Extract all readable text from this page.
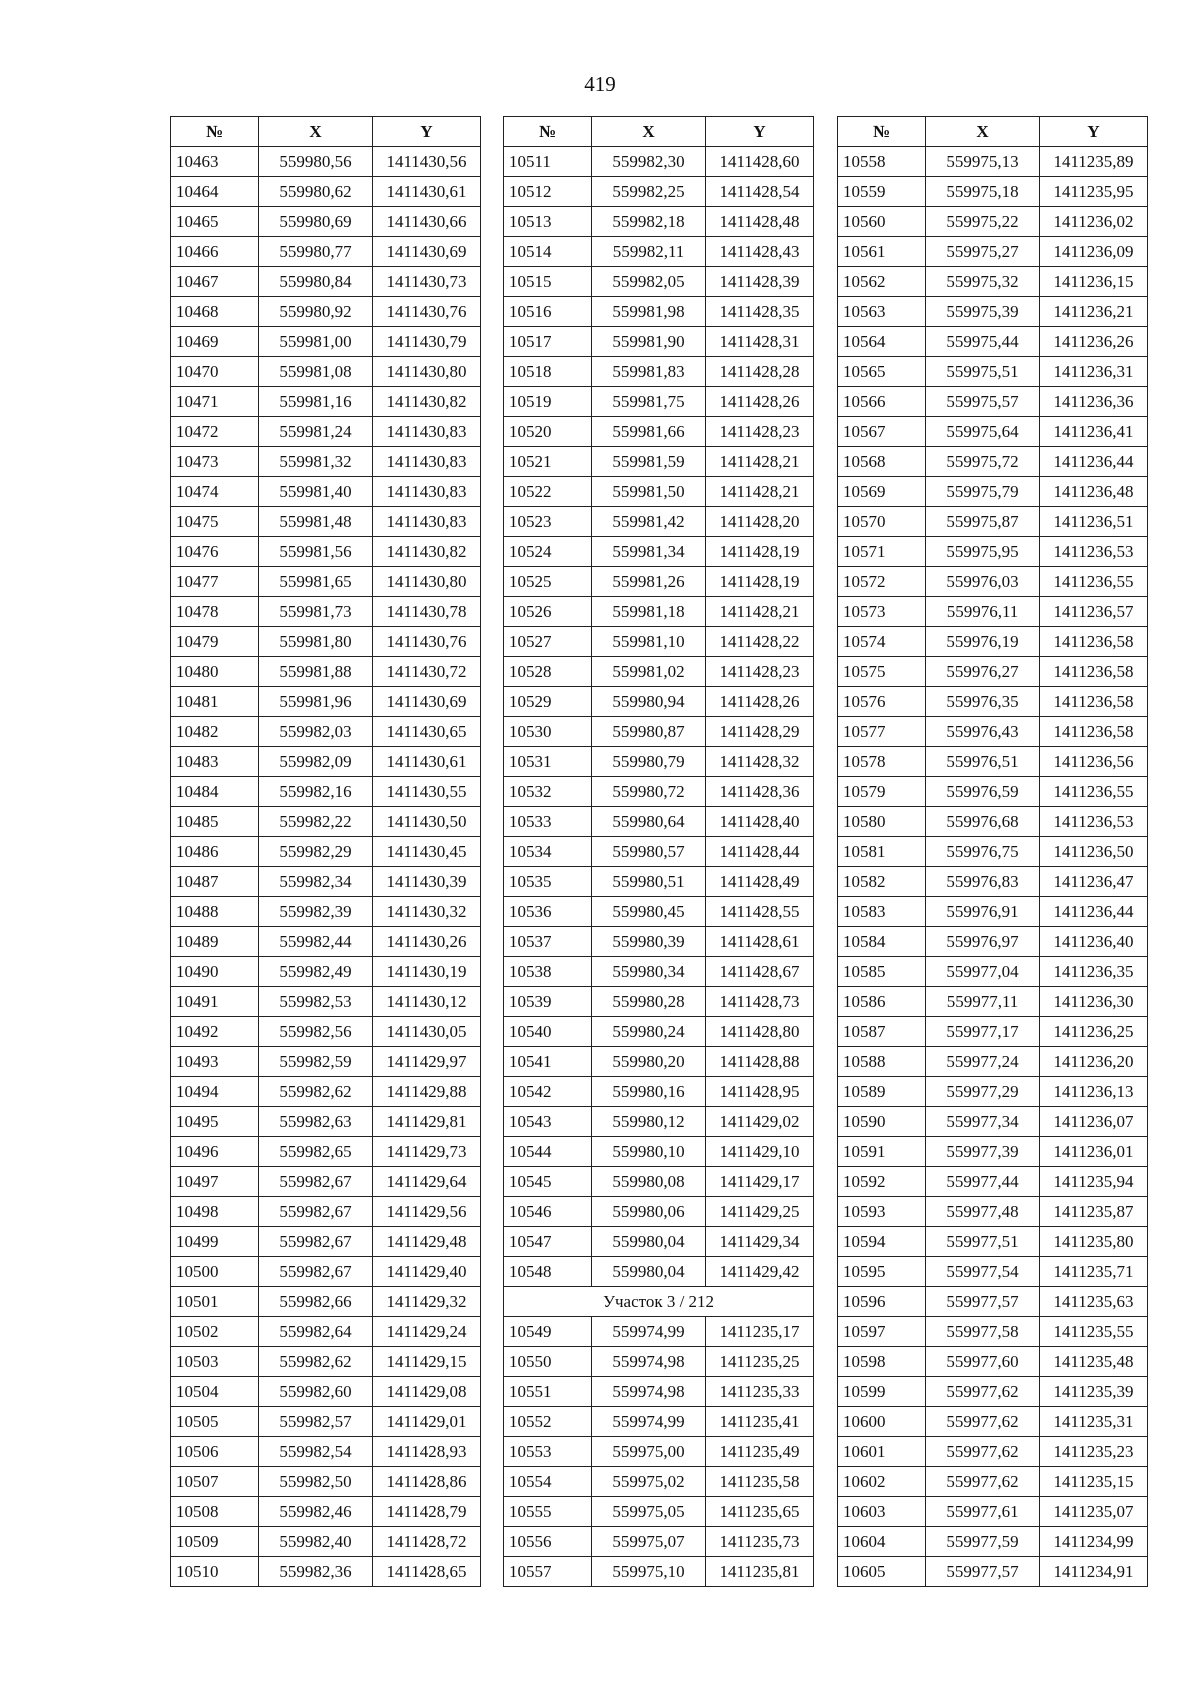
419
№	X	Y
10463	559980,56	1411430,56
10464	559980,62	1411430,61
10465	559980,69	1411430,66
10466	559980,77	1411430,69
10467	559980,84	1411430,73
10468	559980,92	1411430,76
10469	559981,00	1411430,79
10470	559981,08	1411430,80
10471	559981,16	1411430,82
10472	559981,24	1411430,83
10473	559981,32	1411430,83
10474	559981,40	1411430,83
10475	559981,48	1411430,83
10476	559981,56	1411430,82
10477	559981,65	1411430,80
10478	559981,73	1411430,78
10479	559981,80	1411430,76
10480	559981,88	1411430,72
10481	559981,96	1411430,69
10482	559982,03	1411430,65
10483	559982,09	1411430,61
10484	559982,16	1411430,55
10485	559982,22	1411430,50
10486	559982,29	1411430,45
10487	559982,34	1411430,39
10488	559982,39	1411430,32
10489	559982,44	1411430,26
10490	559982,49	1411430,19
10491	559982,53	1411430,12
10492	559982,56	1411430,05
10493	559982,59	1411429,97
10494	559982,62	1411429,88
10495	559982,63	1411429,81
10496	559982,65	1411429,73
10497	559982,67	1411429,64
10498	559982,67	1411429,56
10499	559982,67	1411429,48
10500	559982,67	1411429,40
10501	559982,66	1411429,32
10502	559982,64	1411429,24
10503	559982,62	1411429,15
10504	559982,60	1411429,08
10505	559982,57	1411429,01
10506	559982,54	1411428,93
10507	559982,50	1411428,86
10508	559982,46	1411428,79
10509	559982,40	1411428,72
10510	559982,36	1411428,65
№	X	Y
10511	559982,30	1411428,60
10512	559982,25	1411428,54
10513	559982,18	1411428,48
10514	559982,11	1411428,43
10515	559982,05	1411428,39
10516	559981,98	1411428,35
10517	559981,90	1411428,31
10518	559981,83	1411428,28
10519	559981,75	1411428,26
10520	559981,66	1411428,23
10521	559981,59	1411428,21
10522	559981,50	1411428,21
10523	559981,42	1411428,20
10524	559981,34	1411428,19
10525	559981,26	1411428,19
10526	559981,18	1411428,21
10527	559981,10	1411428,22
10528	559981,02	1411428,23
10529	559980,94	1411428,26
10530	559980,87	1411428,29
10531	559980,79	1411428,32
10532	559980,72	1411428,36
10533	559980,64	1411428,40
10534	559980,57	1411428,44
10535	559980,51	1411428,49
10536	559980,45	1411428,55
10537	559980,39	1411428,61
10538	559980,34	1411428,67
10539	559980,28	1411428,73
10540	559980,24	1411428,80
10541	559980,20	1411428,88
10542	559980,16	1411428,95
10543	559980,12	1411429,02
10544	559980,10	1411429,10
10545	559980,08	1411429,17
10546	559980,06	1411429,25
10547	559980,04	1411429,34
10548	559980,04	1411429,42
Участок 3 / 212		
10549	559974,99	1411235,17
10550	559974,98	1411235,25
10551	559974,98	1411235,33
10552	559974,99	1411235,41
10553	559975,00	1411235,49
10554	559975,02	1411235,58
10555	559975,05	1411235,65
10556	559975,07	1411235,73
10557	559975,10	1411235,81
№	X	Y
10558	559975,13	1411235,89
10559	559975,18	1411235,95
10560	559975,22	1411236,02
10561	559975,27	1411236,09
10562	559975,32	1411236,15
10563	559975,39	1411236,21
10564	559975,44	1411236,26
10565	559975,51	1411236,31
10566	559975,57	1411236,36
10567	559975,64	1411236,41
10568	559975,72	1411236,44
10569	559975,79	1411236,48
10570	559975,87	1411236,51
10571	559975,95	1411236,53
10572	559976,03	1411236,55
10573	559976,11	1411236,57
10574	559976,19	1411236,58
10575	559976,27	1411236,58
10576	559976,35	1411236,58
10577	559976,43	1411236,58
10578	559976,51	1411236,56
10579	559976,59	1411236,55
10580	559976,68	1411236,53
10581	559976,75	1411236,50
10582	559976,83	1411236,47
10583	559976,91	1411236,44
10584	559976,97	1411236,40
10585	559977,04	1411236,35
10586	559977,11	1411236,30
10587	559977,17	1411236,25
10588	559977,24	1411236,20
10589	559977,29	1411236,13
10590	559977,34	1411236,07
10591	559977,39	1411236,01
10592	559977,44	1411235,94
10593	559977,48	1411235,87
10594	559977,51	1411235,80
10595	559977,54	1411235,71
10596	559977,57	1411235,63
10597	559977,58	1411235,55
10598	559977,60	1411235,48
10599	559977,62	1411235,39
10600	559977,62	1411235,31
10601	559977,62	1411235,23
10602	559977,62	1411235,15
10603	559977,61	1411235,07
10604	559977,59	1411234,99
10605	559977,57	1411234,91
